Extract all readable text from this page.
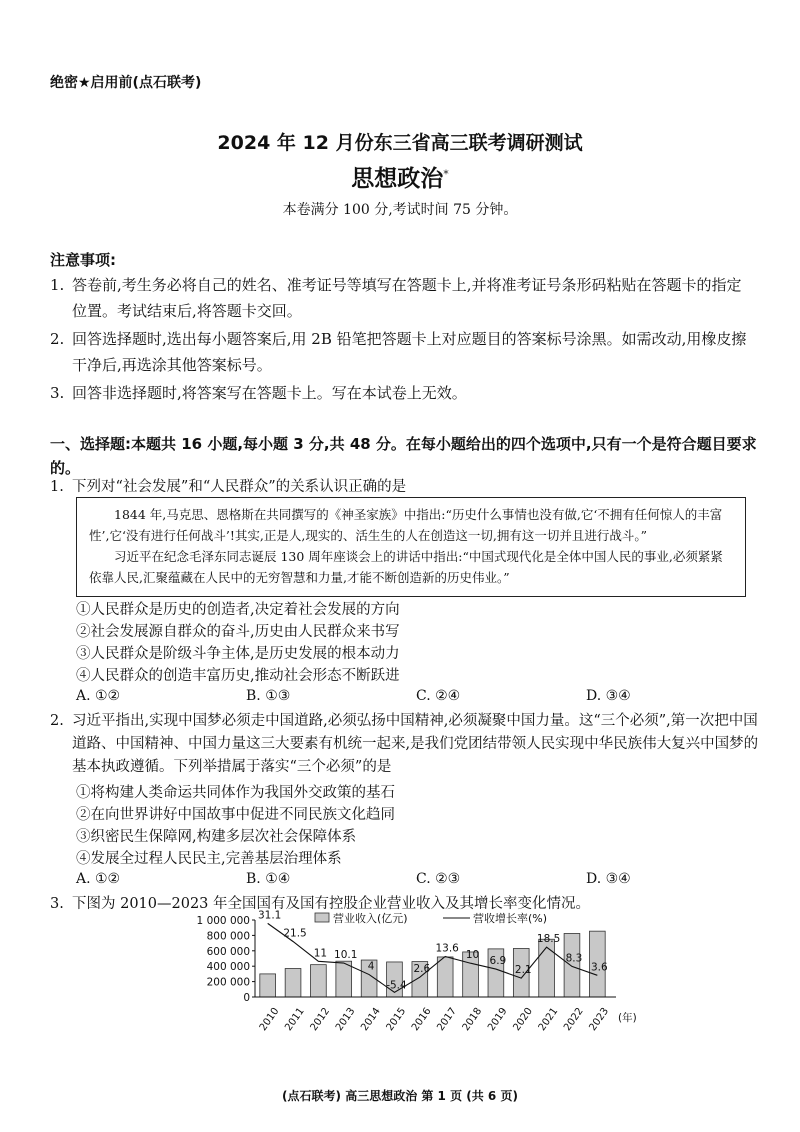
绝密★启用前(点石联考)
2024 年 12 月份东三省高三联考调研测试
思想政治*
本卷满分 100 分,考试时间 75 分钟。
注意事项:
1. 答卷前,考生务必将自己的姓名、准考证号等填写在答题卡上,并将准考证号条形码粘贴在答题卡的指定位置。考试结束后,将答题卡交回。
2. 回答选择题时,选出每小题答案后,用 2B 铅笔把答题卡上对应题目的答案标号涂黑。如需改动,用橡皮擦干净后,再选涂其他答案标号。
3. 回答非选择题时,将答案写在答题卡上。写在本试卷上无效。
一、选择题:本题共 16 小题,每小题 3 分,共 48 分。在每小题给出的四个选项中,只有一个是符合题目要求的。
1. 下列对“社会发展”和“人民群众”的关系认识正确的是

1844 年,马克思、恩格斯在共同撰写的《神圣家族》中指出:“历史什么事情也没有做,它‘不拥有任何惊人的丰富性’,它‘没有进行任何战斗’!其实,正是人,现实的、活生生的人在创造这一切,拥有这一切并且进行战斗。”

习近平在纪念毛泽东同志诞辰 130 周年座谈会上的讲话中指出:“中国式现代化是全体中国人民的事业,必须紧紧依靠人民,汇聚蕴藏在人民中的无穷智慧和力量,才能不断创造新的历史伟业。”

①人民群众是历史的创造者,决定着社会发展的方向
②社会发展源自群众的奋斗,历史由人民群众来书写
③人民群众是阶级斗争主体,是历史发展的根本动力
④人民群众的创造丰富历史,推动社会形态不断跃进
A. ①②	B. ①③	C. ②④	D. ③④
2. 习近平指出,实现中国梦必须走中国道路,必须弘扬中国精神,必须凝聚中国力量。这“三个必须”,第一次把中国道路、中国精神、中国力量这三大要素有机统一起来,是我们党团结带领人民实现中华民族伟大复兴中国梦的基本执政遵循。下列举措属于落实“三个必须”的是
①将构建人类命运共同体作为我国外交政策的基石
②在向世界讲好中国故事中促进不同民族文化趋同
③织密民生保障网,构建多层次社会保障体系
④发展全过程人民民主,完善基层治理体系
A. ①②	B. ①④	C. ②③	D. ③④
3. 下图为 2010—2023 年全国国有及国有控股企业营业收入及其增长率变化情况。
营业收入(亿元)	营收增长率(%)
1 000 000
800 000
600 000
400 000
200 000
0
31.1
21.5
11 10.1
4
-5.4
2.6
13.6
10 6.9
2.1
18.5
8.3
3.6
2010 2011 2012 2013 2014 2015 2016 2017 2018 2019 2020 2021 2022 2023 (年)
(点石联考) 高三思想政治 第 1 页 (共 6 页)
